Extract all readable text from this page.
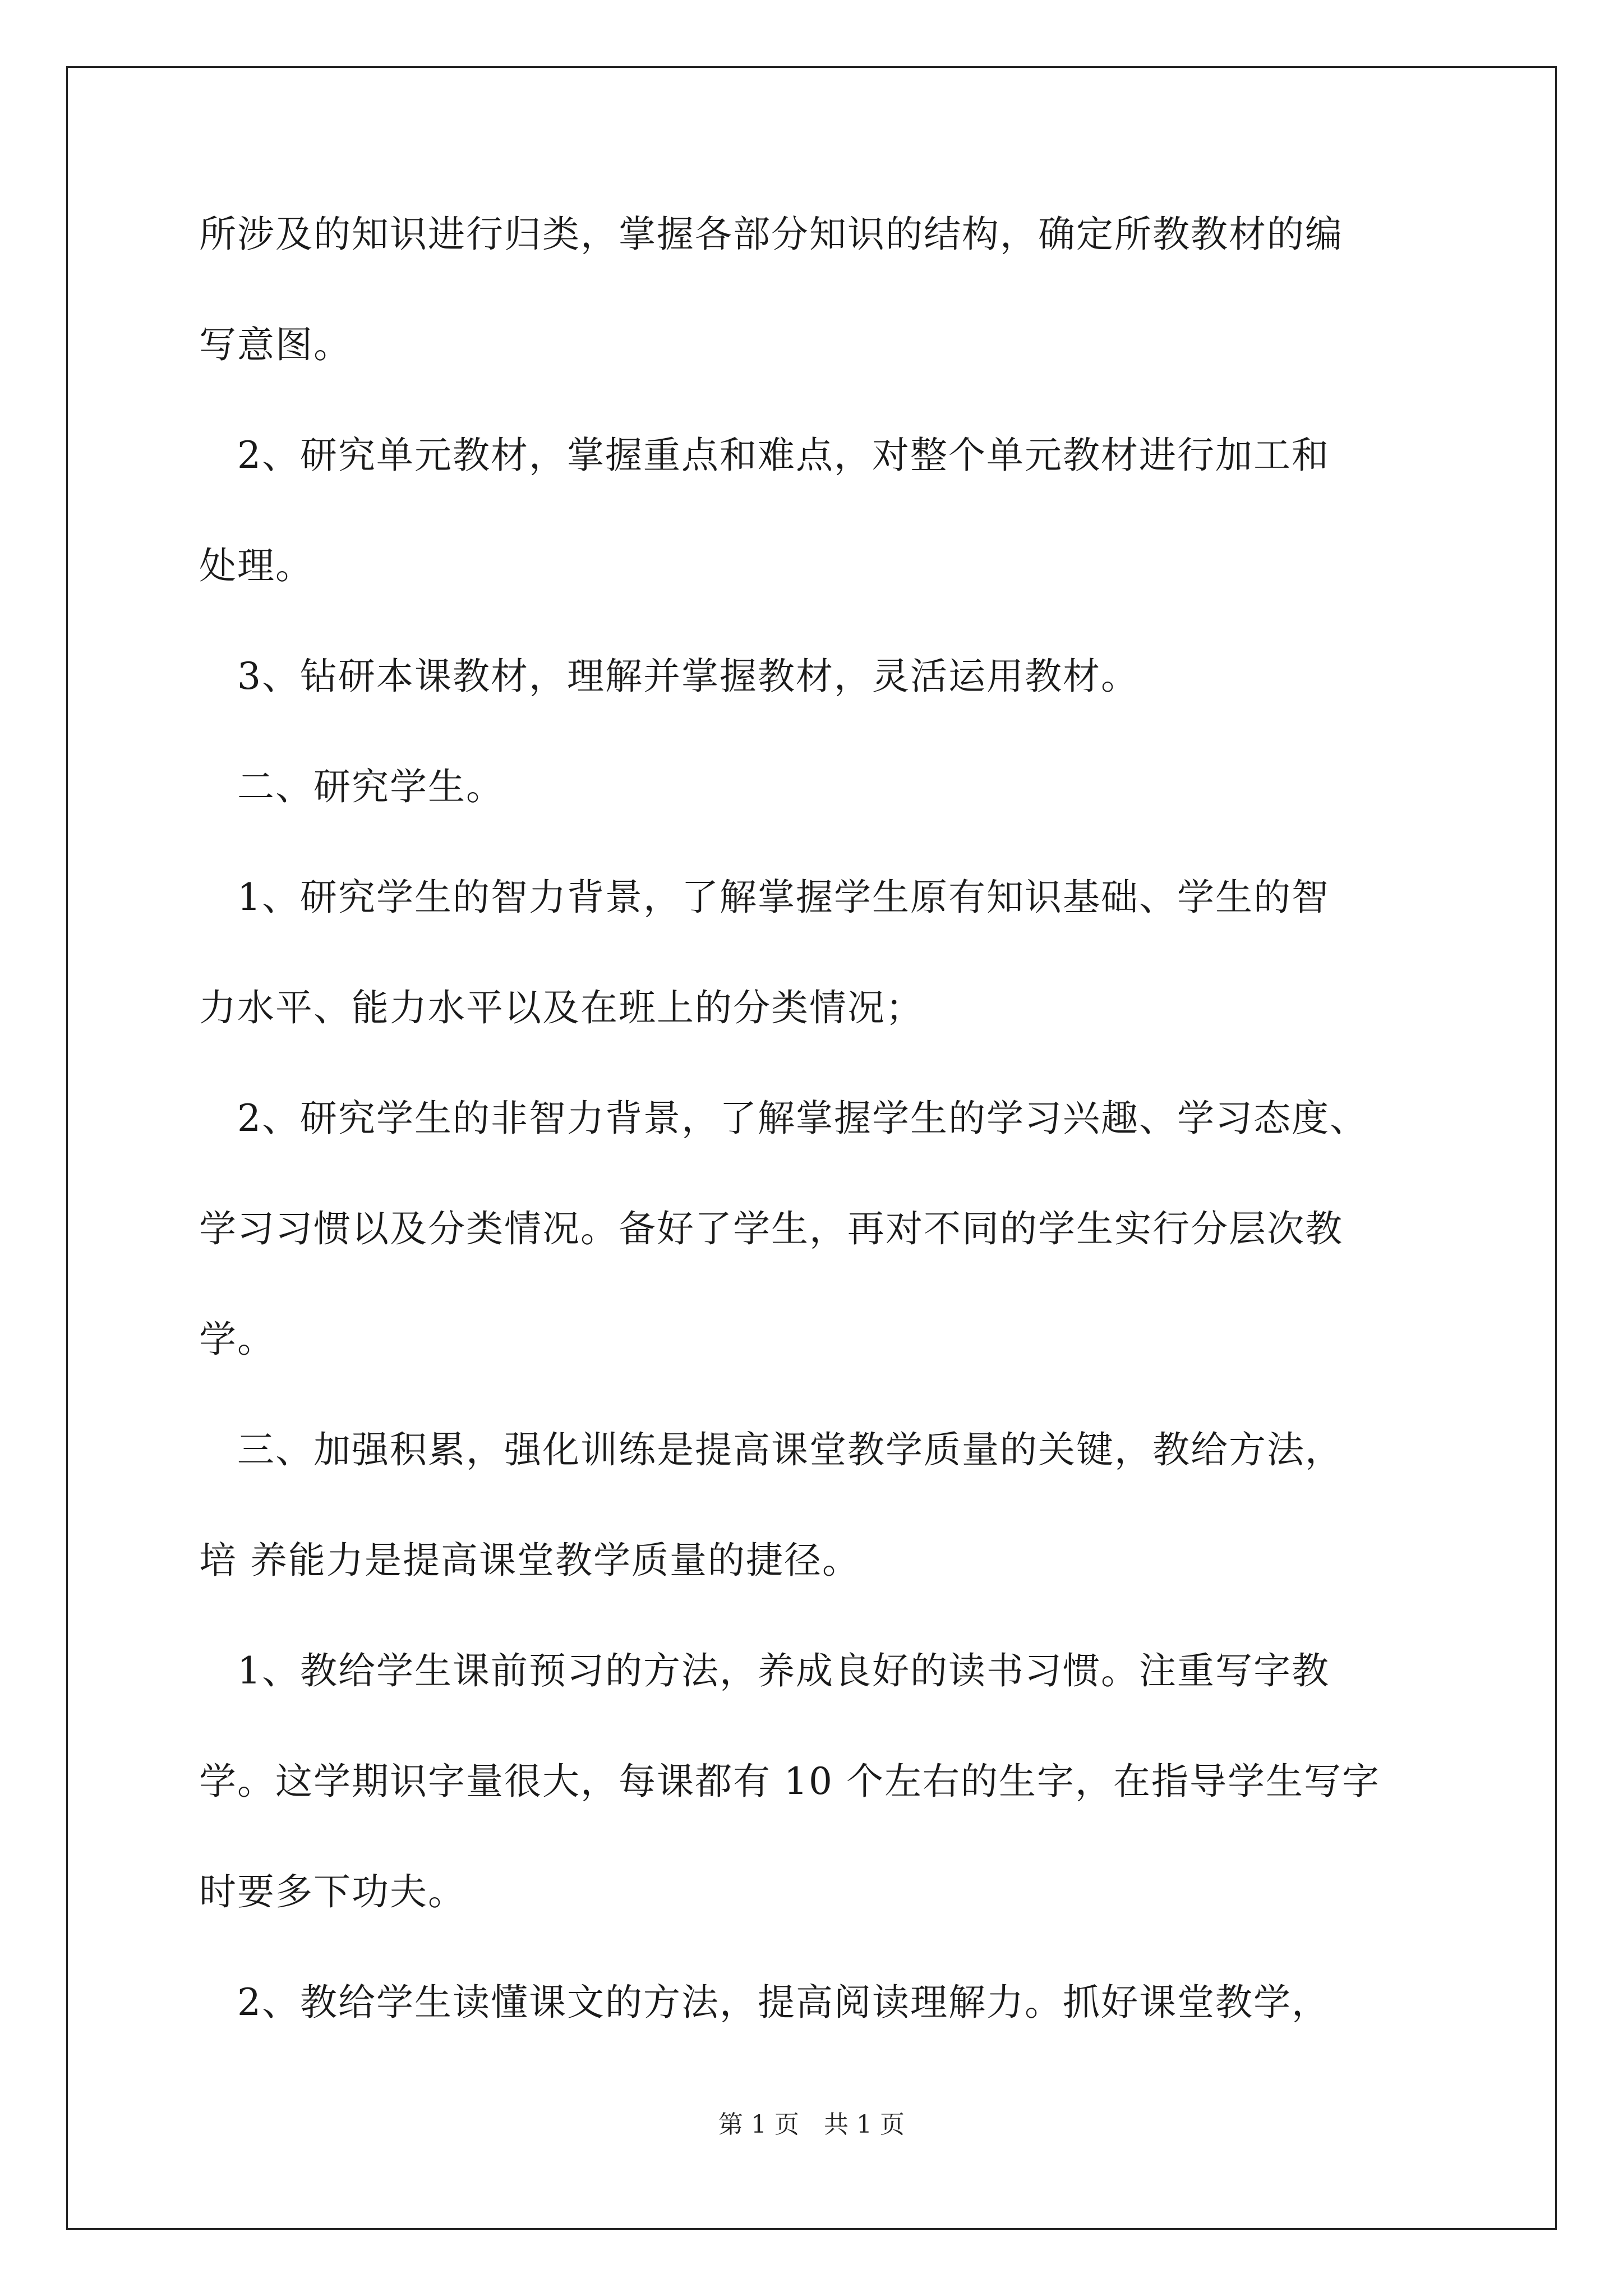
所涉及的知识进行归类，掌握各部分知识的结构，确定所教教材的编
写意图。
　2、研究单元教材，掌握重点和难点，对整个单元教材进行加工和
处理。
　3、钻研本课教材，理解并掌握教材，灵活运用教材。
　二、研究学生。
　1、研究学生的智力背景，了解掌握学生原有知识基础、学生的智
力水平、能力水平以及在班上的分类情况；
　2、研究学生的非智力背景，了解掌握学生的学习兴趣、学习态度、
学习习惯以及分类情况。备好了学生，再对不同的学生实行分层次教
学。
　三、加强积累，强化训练是提高课堂教学质量的关键，教给方法，
培 养能力是提高课堂教学质量的捷径。
　1、教给学生课前预习的方法，养成良好的读书习惯。注重写字教
学。这学期识字量很大，每课都有 10 个左右的生字，在指导学生写字
时要多下功夫。
　2、教给学生读懂课文的方法，提高阅读理解力。抓好课堂教学，
第 1 页　共 1 页
